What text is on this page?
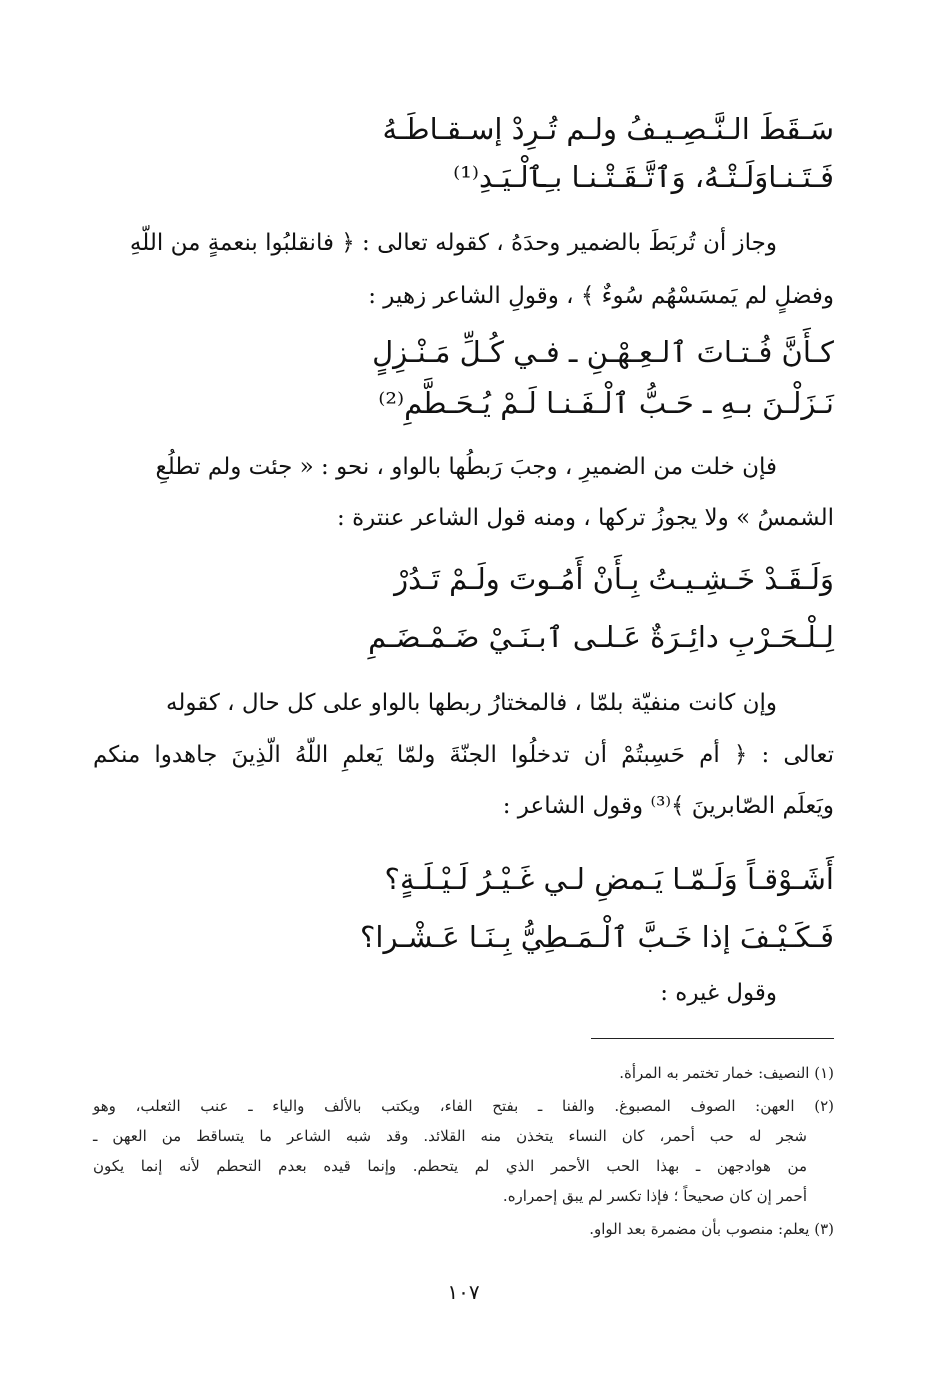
سَـقَطَ الـنَّـصِـيـفُ ولـم تُـرِدْ إسـقـاطَـهُ
فَـتَـنـاوَلَـتْـهُ، وَٱتَّـقَـتْـنـا بـِٱلْـيَـدِ⁽¹⁾
وجاز أن تُربَطَ بالضمير وحدَهُ ، كقوله تعالى : ﴿ فانقلبُوا بنعمةٍ من اللّهِ
وفضلٍ لم يَمسَسْهُم سُوءٌ ﴾ ، وقولِ الشاعر زهير :
كـأَنَّ فُـتـاتَ ٱلـعِـهْـنِ ـ فـي كُـلِّ مَـنْـزِلٍ
نَـزَلْـنَ بـهِ ـ حَـبُّ ٱلْـفَـنـا لَـمْ يُـحَـطَّمِ⁽²⁾
فإن خلت من الضميرِ ، وجبَ رَبطُها بالواو ، نحو : « جئت ولم تطلُعِ
الشمسُ » ولا يجوزُ تركها ، ومنه قول الشاعر عنترة :
وَلَـقَـدْ خَـشِـيـتُ بِـأَنْ أَمُـوتَ ولَـمْ تَـدُرْ
لِـلْـحَـرْبِ دائِـرَةٌ عَـلـى ٱبـنَـيْ ضَـمْـضَـمِ
وإن كانت منفيّة بلمّا ، فالمختارُ ربطها بالواو على كل حال ، كقوله
تعالى : ﴿ أم حَسِبتُمْ أن تدخلُوا الجنّةَ ولمّا يَعلمِ اللّهُ الّذِينَ جاهدوا منكم
ويَعلَم الصّابرينَ ﴾⁽³⁾ وقول الشاعر :
أَشَـوْقـاً وَلَـمّـا يَـمضِ لـي غَـيْـرُ لَـيْـلَـةٍ؟
فَـكَـيْـفَ إذا خَـبَّ ٱلْـمَـطِيُّ بِـنَـا عَـشْـرا؟
وقول غيره :
(١) النصيف: خمار تختمر به المرأة.
(٢) العهن: الصوف المصبوغ. والفنا ـ بفتح الفاء، ويكتب بالألف والياء ـ عنب الثعلب، وهو
شجر له حب أحمر، كان النساء يتخذن منه القلائد. وقد شبه الشاعر ما يتساقط من العهن ـ
من هوادجهن ـ بهذا الحب الأحمر الذي لم يتحطم. وإنما قيده بعدم التحطم لأنه إنما يكون
أحمر إن كان صحيحاً ؛ فإذا تكسر لم يبق إحمراره.
(٣) يعلم: منصوب بأن مضمرة بعد الواو.
١٠٧
